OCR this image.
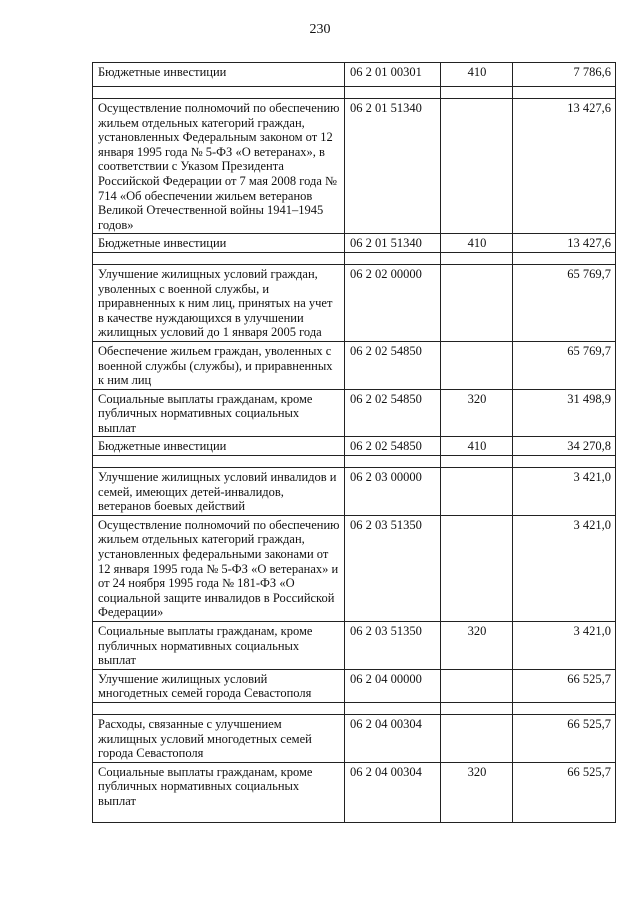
230
Бюджетные инвестиции	06 2 01 00301	410	7 786,6

Осуществление полномочий по обеспечению жильем отдельных категорий граждан, установленных Федеральным законом от 12 января 1995 года № 5-ФЗ «О ветеранах», в соответствии с Указом Президента Российской Федерации от 7 мая 2008 года № 714 «Об обеспечении жильем ветеранов Великой Отечественной войны 1941–1945 годов»	06 2 01 51340		13 427,6
Бюджетные инвестиции	06 2 01 51340	410	13 427,6

Улучшение жилищных условий граждан, уволенных с военной службы, и приравненных к ним лиц, принятых на учет в качестве нуждающихся в улучшении жилищных условий до 1 января 2005 года	06 2 02 00000		65 769,7
Обеспечение жильем граждан, уволенных с военной службы (службы), и приравненных к ним лиц	06 2 02 54850		65 769,7
Социальные выплаты гражданам, кроме публичных нормативных социальных выплат	06 2 02 54850	320	31 498,9
Бюджетные инвестиции	06 2 02 54850	410	34 270,8

Улучшение жилищных условий инвалидов и семей, имеющих детей-инвалидов, ветеранов боевых действий	06 2 03 00000		3 421,0
Осуществление полномочий по обеспечению жильем отдельных категорий граждан, установленных федеральными законами от 12 января 1995 года № 5-ФЗ «О ветеранах» и от 24 ноября 1995 года № 181-ФЗ «О социальной защите инвалидов в Российской Федерации»	06 2 03 51350		3 421,0
Социальные выплаты гражданам, кроме публичных нормативных социальных выплат	06 2 03 51350	320	3 421,0
Улучшение жилищных условий многодетных семей города Севастополя	06 2 04 00000		66 525,7

Расходы, связанные с улучшением жилищных условий многодетных семей города Севастополя	06 2 04 00304		66 525,7
Социальные выплаты гражданам, кроме публичных нормативных социальных выплат	06 2 04 00304	320	66 525,7
